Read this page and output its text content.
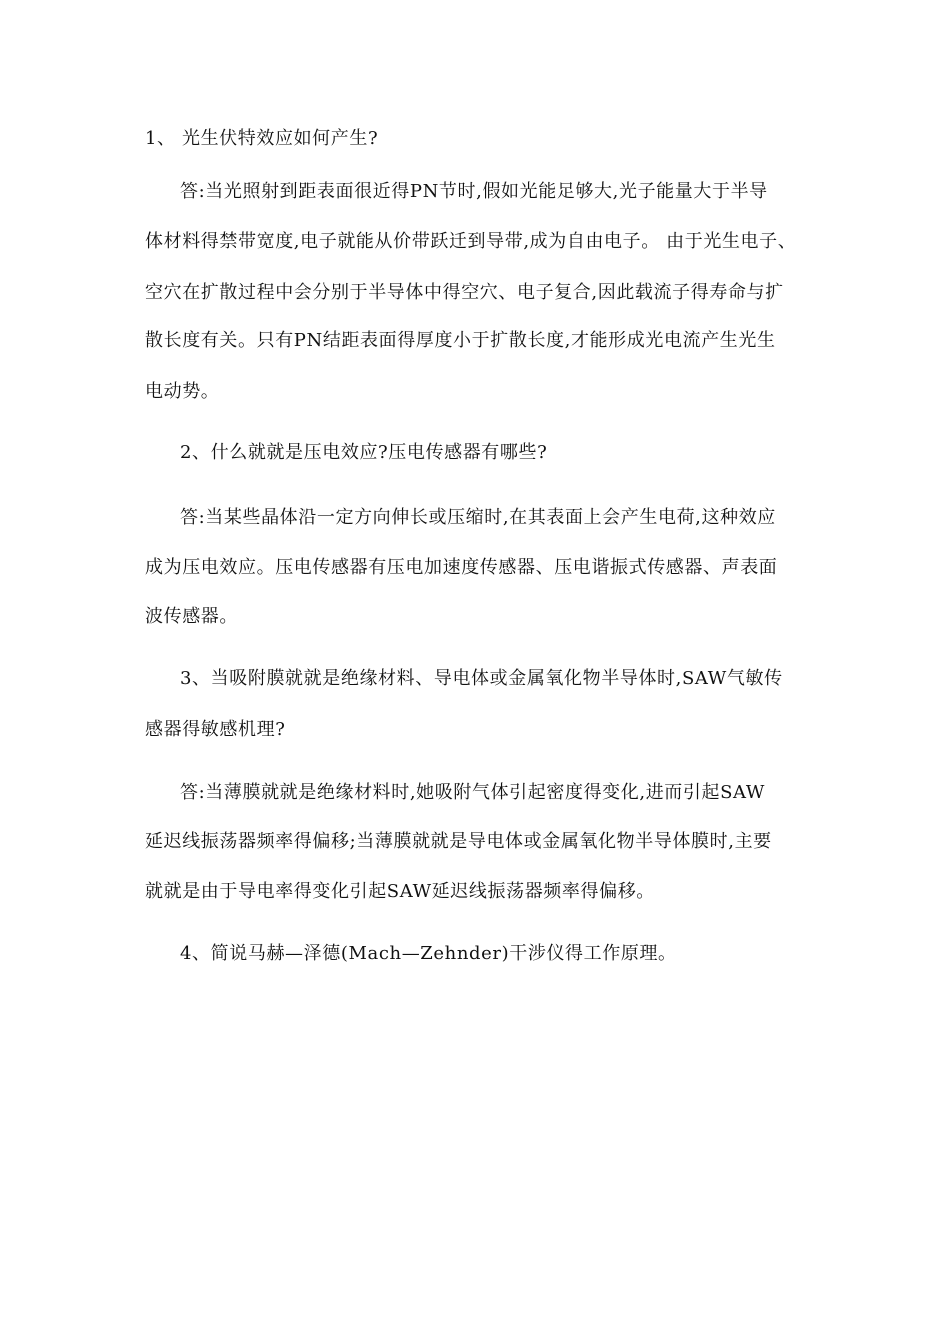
1、 光生伏特效应如何产生?
答:当光照射到距表面很近得PN节时,假如光能足够大,光子能量大于半导
体材料得禁带宽度,电子就能从价带跃迁到导带,成为自由电子。 由于光生电子、
空穴在扩散过程中会分别于半导体中得空穴、电子复合,因此载流子得寿命与扩
散长度有关。只有PN结距表面得厚度小于扩散长度,才能形成光电流产生光生
电动势。
2、什么就就是压电效应?压电传感器有哪些?
答:当某些晶体沿一定方向伸长或压缩时,在其表面上会产生电荷,这种效应
成为压电效应。压电传感器有压电加速度传感器、压电谐振式传感器、声表面
波传感器。
3、当吸附膜就就是绝缘材料、导电体或金属氧化物半导体时,SAW气敏传
感器得敏感机理?
答:当薄膜就就是绝缘材料时,她吸附气体引起密度得变化,进而引起SAW
延迟线振荡器频率得偏移;当薄膜就就是导电体或金属氧化物半导体膜时,主要
就就是由于导电率得变化引起SAW延迟线振荡器频率得偏移。
4、简说马赫—泽德(Mach—Zehnder)干涉仪得工作原理。
